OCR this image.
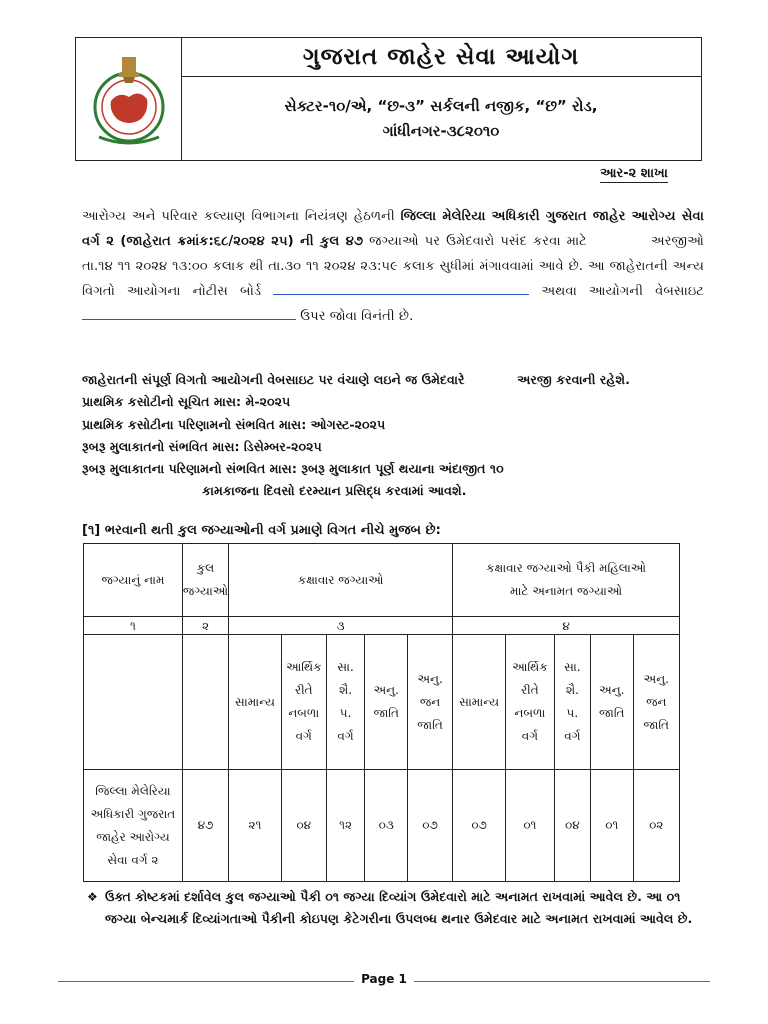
ગુજરાત જાહેર સેવા આયોગ
સેક્ટર-૧૦/એ, “છ-૩” સર્કલની નજીક, “છ” રોડ,
ગાંધીનગર-૩૮૨૦૧૦
આર-૨ શાખા
આરોગ્ય અને પરિવાર કલ્યાણ વિભાગના નિયંત્રણ હેઠળની જિલ્લા મેલેરિયા અધિકારી ગુજરાત જાહેર આરોગ્ય સેવા વર્ગ ૨ (જાહેરાત ક્રમાંક:૬૮/૨૦૨૪ ૨૫) ની કુલ ૪૭ જગ્યાઓ પર ઉમેદવારો પસંદ કરવા માટે	અરજીઓ તા.૧૪ ૧૧ ૨૦૨૪ ૧૩:૦૦ કલાક થી તા.૩૦ ૧૧ ૨૦૨૪ ૨૩:૫૯ કલાક સુધીમાં મંગાવવામાં આવે છે. આ જાહેરાતની અન્ય વિગતો આયોગના નોટીસ બોર્ડ	અથવા આયોગની વેબસાઇટ  ઉપર જોવા વિનંતી છે.
જાહેરાતની સંપૂર્ણ વિગતો આયોગની વેબસાઇટ પર વંચાણે લઇને જ ઉમેદવારે	અરજી કરવાની રહેશે.
પ્રાથમિક કસોટીનો સૂચિત માસ: મે-૨૦૨૫
પ્રાથમિક કસોટીના પરિણામનો સંભવિત માસ: ઓગસ્ટ-૨૦૨૫
રૂબરૂ મુલાકાતનો સંભવિત માસ: ડિસેમ્બર-૨૦૨૫
રૂબરૂ મુલાકાતના પરિણામનો સંભવિત માસ: રૂબરૂ મુલાકાત પૂર્ણ થયાના અંદાજીત ૧૦
કામકાજના દિવસો દરમ્યાન પ્રસિદ્ધ કરવામાં આવશે.
[૧] ભરવાની થતી કુલ જગ્યાઓની વર્ગ પ્રમાણે વિગત નીચે મુજબ છે:
જગ્યાનું નામ	કુલ જગ્યાઓ	કક્ષાવાર જગ્યાઓ					કક્ષાવાર જગ્યાઓ પૈકી મહિલાઓ માટે અનામત જગ્યાઓ				
૧	૨	૩					૪				
		સામાન્ય	આર્થિક રીતે નબળા વર્ગ	સા. શૈ. પ. વર્ગ	અનુ. જાતિ	અનુ. જન જાતિ	સામાન્ય	આર્થિક રીતે નબળા વર્ગ	સા. શૈ. પ. વર્ગ	અનુ. જાતિ	અનુ. જન જાતિ
જિલ્લા મેલેરિયા અધિકારી ગુજરાત જાહેર આરોગ્ય સેવા વર્ગ ૨	૪૭	૨૧	૦૪	૧૨	૦૩	૦૭	૦૭	૦૧	૦૪	૦૧	૦૨
❖ ઉક્ત કોષ્ટકમાં દર્શાવેલ કુલ જગ્યાઓ પૈકી ૦૧ જગ્યા દિવ્યાંગ ઉમેદવારો માટે અનામત રાખવામાં આવેલ છે. આ ૦૧ જગ્યા બેન્ચમાર્ક દિવ્યાંગતાઓ પૈકીની કોઇપણ કેટેગરીના ઉપલબ્ધ થનાર ઉમેદવાર માટે અનામત રાખવામાં આવેલ છે.
Page 1
